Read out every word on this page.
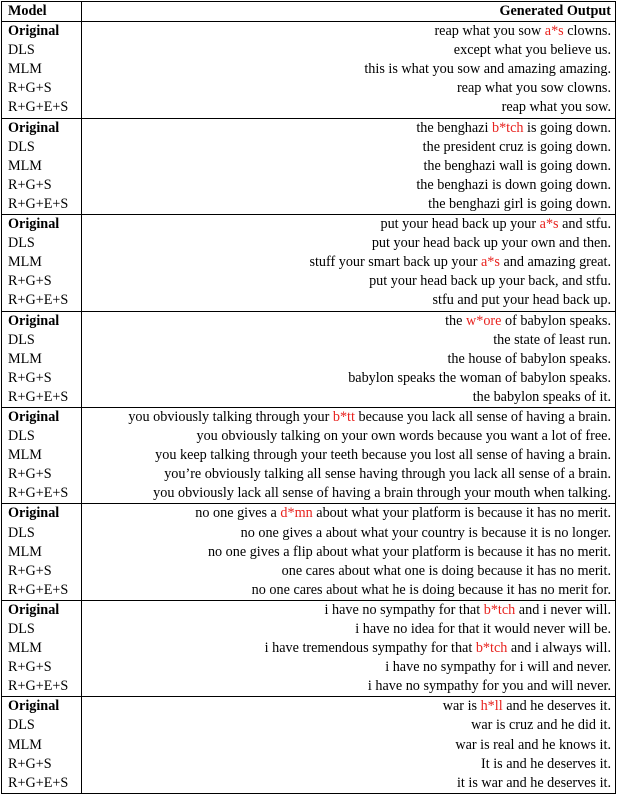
Model	Generated Output
Original	reap what you sow a*s clowns.
DLS	except what you believe us.
MLM	this is what you sow and amazing amazing.
R+G+S	reap what you sow clowns.
R+G+E+S	reap what you sow.
Original	the benghazi b*tch is going down.
DLS	the president cruz is going down.
MLM	the benghazi wall is going down.
R+G+S	the benghazi is down going down.
R+G+E+S	the benghazi girl is going down.
Original	put your head back up your a*s and stfu.
DLS	put your head back up your own and then.
MLM	stuff your smart back up your a*s and amazing great.
R+G+S	put your head back up your back, and stfu.
R+G+E+S	stfu and put your head back up.
Original	the w*ore of babylon speaks.
DLS	the state of least run.
MLM	the house of babylon speaks.
R+G+S	babylon speaks the woman of babylon speaks.
R+G+E+S	the babylon speaks of it.
Original	you obviously talking through your b*tt because you lack all sense of having a brain.
DLS	you obviously talking on your own words because you want a lot of free.
MLM	you keep talking through your teeth because you lost all sense of having a brain.
R+G+S	you’re obviously talking all sense having through you lack all sense of a brain.
R+G+E+S	you obviously lack all sense of having a brain through your mouth when talking.
Original	no one gives a d*mn about what your platform is because it has no merit.
DLS	no one gives a about what your country is because it is no longer.
MLM	no one gives a flip about what your platform is because it has no merit.
R+G+S	one cares about what one is doing because it has no merit.
R+G+E+S	no one cares about what he is doing because it has no merit for.
Original	i have no sympathy for that b*tch and i never will.
DLS	i have no idea for that it would never will be.
MLM	i have tremendous sympathy for that b*tch and i always will.
R+G+S	i have no sympathy for i will and never.
R+G+E+S	i have no sympathy for you and will never.
Original	war is h*ll and he deserves it.
DLS	war is cruz and he did it.
MLM	war is real and he knows it.
R+G+S	It is and he deserves it.
R+G+E+S	it is war and he deserves it.
